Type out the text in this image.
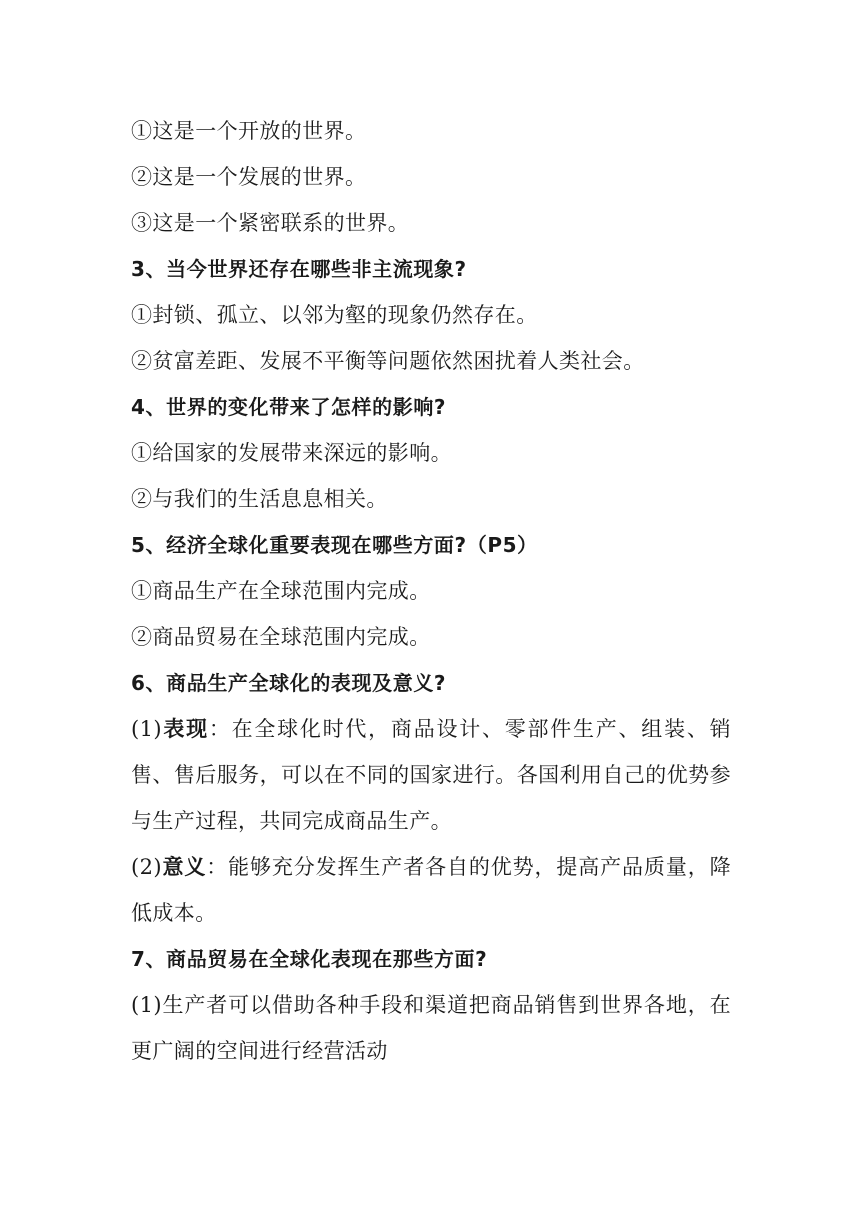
①这是一个开放的世界。
②这是一个发展的世界。
③这是一个紧密联系的世界。
3、当今世界还存在哪些非主流现象?
①封锁、孤立、以邻为壑的现象仍然存在。
②贫富差距、发展不平衡等问题依然困扰着人类社会。
4、世界的变化带来了怎样的影响?
①给国家的发展带来深远的影响。
②与我们的生活息息相关。
5、经济全球化重要表现在哪些方面?（P5）
①商品生产在全球范围内完成。
②商品贸易在全球范围内完成。
6、商品生产全球化的表现及意义?
(1)表现：在全球化时代，商品设计、零部件生产、组装、销售、售后服务，可以在不同的国家进行。各国利用自己的优势参与生产过程，共同完成商品生产。
(2)意义：能够充分发挥生产者各自的优势，提高产品质量，降低成本。
7、商品贸易在全球化表现在那些方面?
(1)生产者可以借助各种手段和渠道把商品销售到世界各地，在更广阔的空间进行经营活动
